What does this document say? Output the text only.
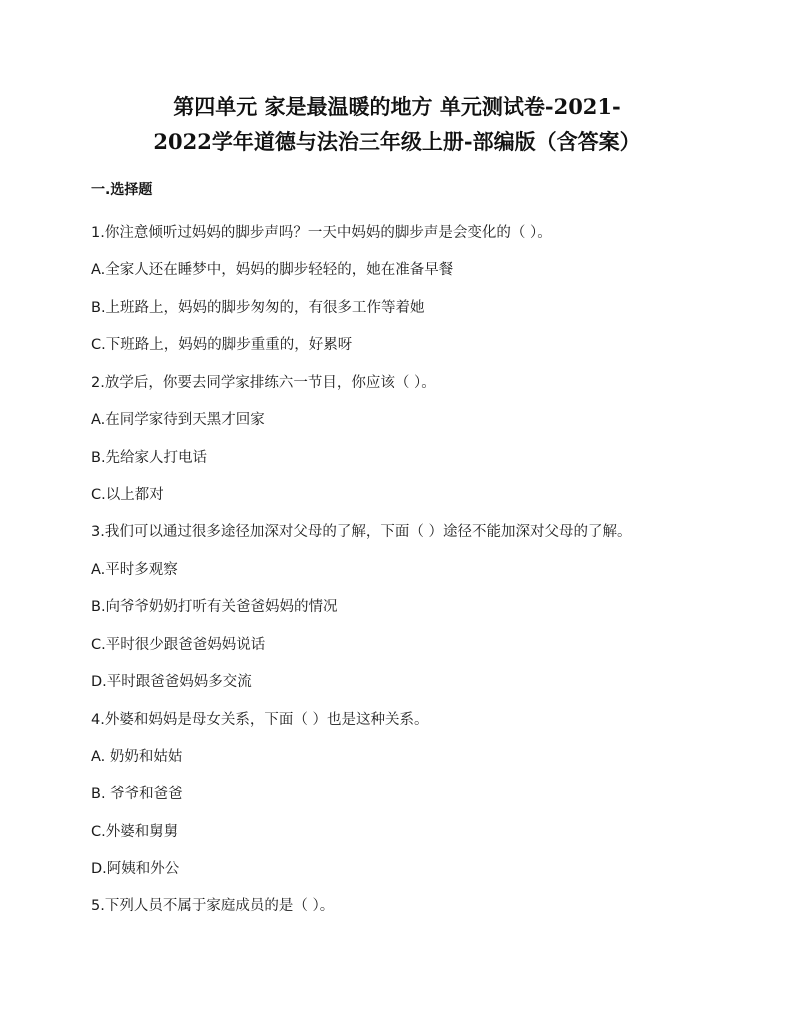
第四单元 家是最温暖的地方 单元测试卷-2021-
2022学年道德与法治三年级上册-部编版（含答案）
一.选择题
1.你注意倾听过妈妈的脚步声吗？一天中妈妈的脚步声是会变化的（ ）。
A.全家人还在睡梦中，妈妈的脚步轻轻的，她在准备早餐
B.上班路上，妈妈的脚步匆匆的，有很多工作等着她
C.下班路上，妈妈的脚步重重的，好累呀
2.放学后，你要去同学家排练六一节目，你应该（ ）。
A.在同学家待到天黑才回家
B.先给家人打电话
C.以上都对
3.我们可以通过很多途径加深对父母的了解，下面（ ）途径不能加深对父母的了解。
A.平时多观察
B.向爷爷奶奶打听有关爸爸妈妈的情况
C.平时很少跟爸爸妈妈说话
D.平时跟爸爸妈妈多交流
4.外婆和妈妈是母女关系，下面（ ）也是这种关系。
A. 奶奶和姑姑
B. 爷爷和爸爸
C.外婆和舅舅
D.阿姨和外公
5.下列人员不属于家庭成员的是（ ）。
